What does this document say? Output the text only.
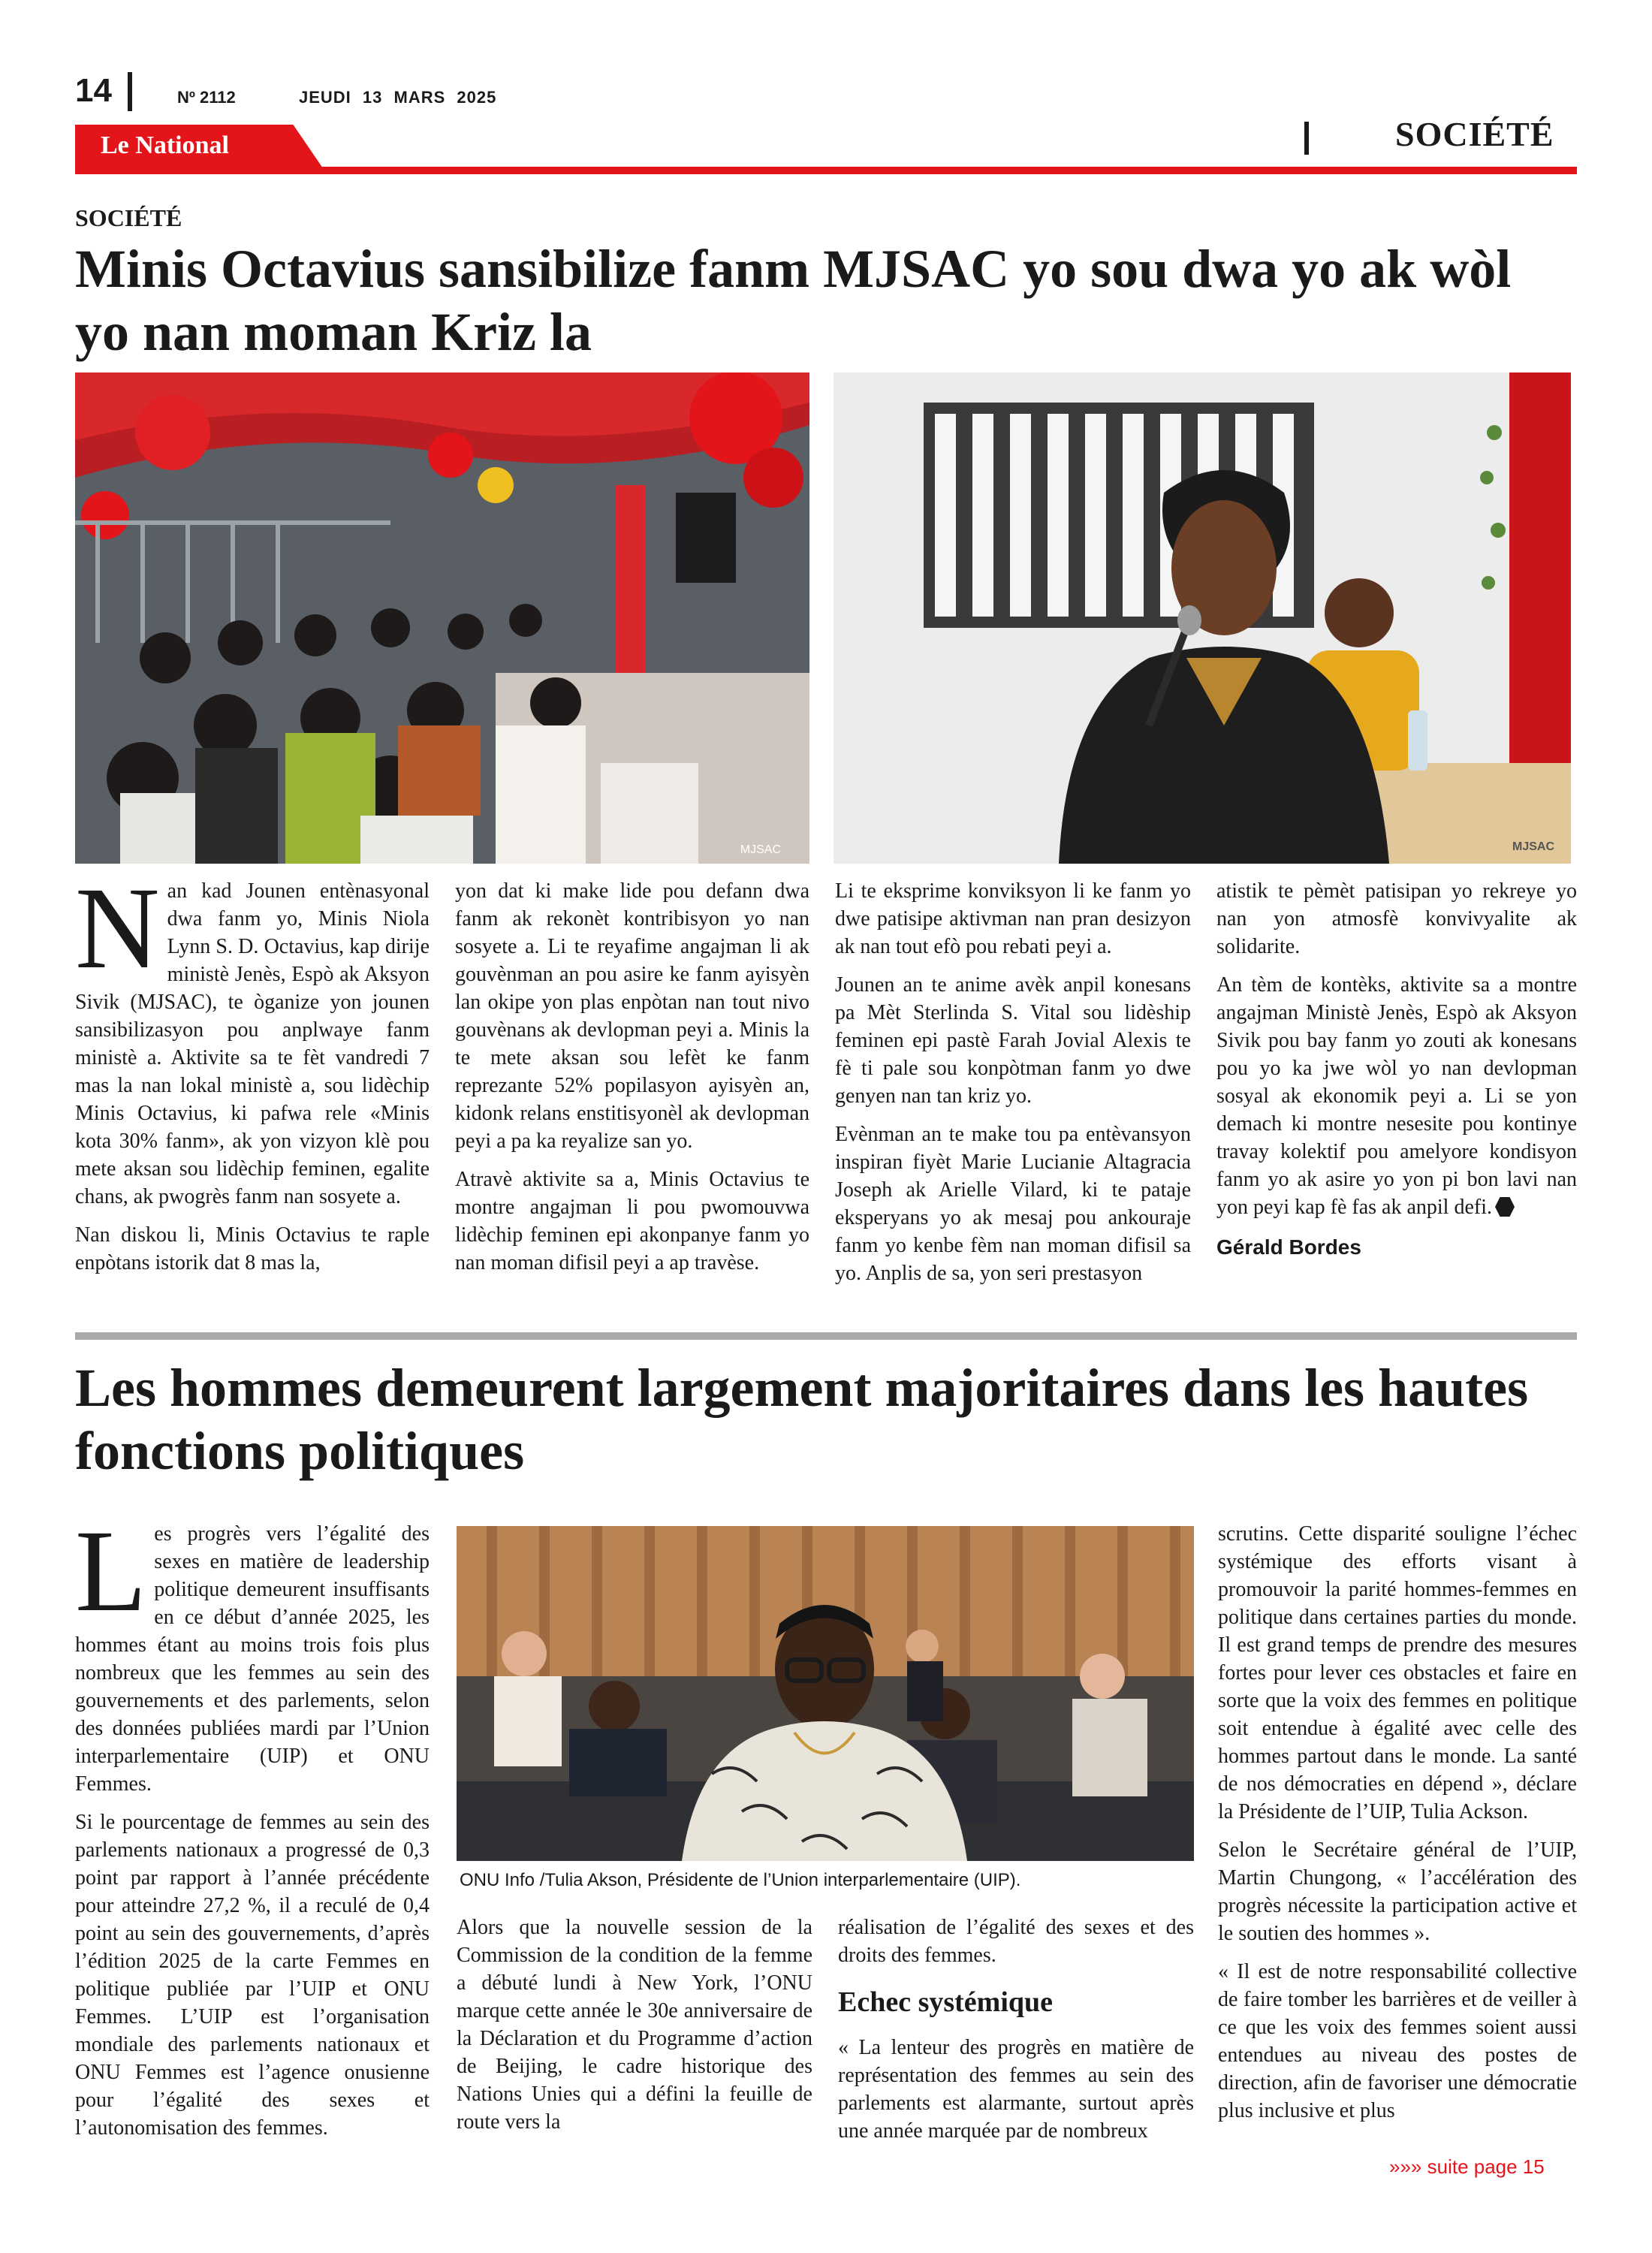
14	Nº 2112	JEUDI 13 MARS 2025
Le National	SOCIÉTÉ
SOCIÉTÉ
Minis Octavius sansibilize fanm MJSAC yo sou dwa yo ak wòl yo nan moman Kriz la
MJSAC	MJSAC

Nan kad Jounen entènasyonal dwa fanm yo, Minis Niola Lynn S. D. Octavius, kap dirije ministè Jenès, Espò ak Aksyon Sivik (MJSAC), te òganize yon jounen sansibilizasyon pou anplwaye fanm ministè a. Aktivite sa te fèt vandredi 7 mas la nan lokal ministè a, sou lidèchip Minis Octavius, ki pafwa rele «Minis kota 30% fanm», ak yon vizyon klè pou mete aksan sou lidèchip feminen, egalite chans, ak pwogrès fanm nan sosyete a.

Nan diskou li, Minis Octavius te raple enpòtans istorik dat 8 mas la,

yon dat ki make lide pou defann dwa fanm ak rekonèt kontribisyon yo nan sosyete a. Li te reyafime angajman li ak gouvènman an pou asire ke fanm ayisyèn lan okipe yon plas enpòtan nan tout nivo gouvènans ak devlopman peyi a. Minis la te mete aksan sou lefèt ke fanm reprezante 52% popilasyon ayisyèn an, kidonk relans enstitisyonèl ak devlopman peyi a pa ka reyalize san yo.

Atravè aktivite sa a, Minis Octavius te montre angajman li pou pwomouvwa lidèchip feminen epi akonpanye fanm yo nan moman difisil peyi a ap travèse.

Li te eksprime konviksyon li ke fanm yo dwe patisipe aktivman nan pran desizyon ak nan tout efò pou rebati peyi a.

Jounen an te anime avèk anpil konesans pa Mèt Sterlinda S. Vital sou lidèship feminen epi pastè Farah Jovial Alexis te fè ti pale sou konpòtman fanm yo dwe genyen nan tan kriz yo.

Evènman an te make tou pa entèvansyon inspiran fiyèt Marie Lucianie Altagracia Joseph ak Arielle Vilard, ki te pataje eksperyans yo ak mesaj pou ankouraje fanm yo kenbe fèm nan moman difisil sa yo. Anplis de sa, yon seri prestasyon

atistik te pèmèt patisipan yo rekreye yo nan yon atmosfè konvivyalite ak solidarite.

An tèm de kontèks, aktivite sa a montre angajman Ministè Jenès, Espò ak Aksyon Sivik pou bay fanm yo zouti ak konesans pou yo ka jwe wòl yo nan devlopman sosyal ak ekonomik peyi a. Li se yon demach ki montre nesesite pou kontinye travay kolektif pou amelyore kondisyon fanm yo ak asire yo yon pi bon lavi nan yon peyi kap fè fas ak anpil defi.

Gérald Bordes
Les hommes demeurent largement majoritaires dans les hautes fonctions politiques

Les progrès vers l’égalité des sexes en matière de leadership politique demeurent insuffisants en ce début d’année 2025, les hommes étant au moins trois fois plus nombreux que les femmes au sein des gouvernements et des parlements, selon des données publiées mardi par l’Union interparlementaire (UIP) et ONU Femmes.

Si le pourcentage de femmes au sein des parlements nationaux a progressé de 0,3 point par rapport à l’année précédente pour atteindre 27,2 %, il a reculé de 0,4 point au sein des gouvernements, d’après l’édition 2025 de la carte Femmes en politique publiée par l’UIP et ONU Femmes. L’UIP est l’organisation mondiale des parlements nationaux et ONU Femmes est l’agence onusienne pour l’égalité des sexes et l’autonomisation des femmes.

ONU Info /Tulia Akson, Présidente de l’Union interparlementaire (UIP).

Alors que la nouvelle session de la Commission de la condition de la femme a débuté lundi à New York, l’ONU marque cette année le 30e anniversaire de la Déclaration et du Programme d’action de Beijing, le cadre historique des Nations Unies qui a défini la feuille de route vers la

réalisation de l’égalité des sexes et des droits des femmes.

Echec systémique

« La lenteur des progrès en matière de représentation des femmes au sein des parlements est alarmante, surtout après une année marquée par de nombreux

scrutins. Cette disparité souligne l’échec systémique des efforts visant à promouvoir la parité hommes-femmes en politique dans certaines parties du monde. Il est grand temps de prendre des mesures fortes pour lever ces obstacles et faire en sorte que la voix des femmes en politique soit entendue à égalité avec celle des hommes partout dans le monde. La santé de nos démocraties en dépend », déclare la Présidente de l’UIP, Tulia Ackson.

Selon le Secrétaire général de l’UIP, Martin Chungong, « l’accélération des progrès nécessite la participation active et le soutien des hommes ».

« Il est de notre responsabilité collective de faire tomber les barrières et de veiller à ce que les voix des femmes soient aussi entendues au niveau des postes de direction, afin de favoriser une démocratie plus inclusive et plus

»»» suite page 15
